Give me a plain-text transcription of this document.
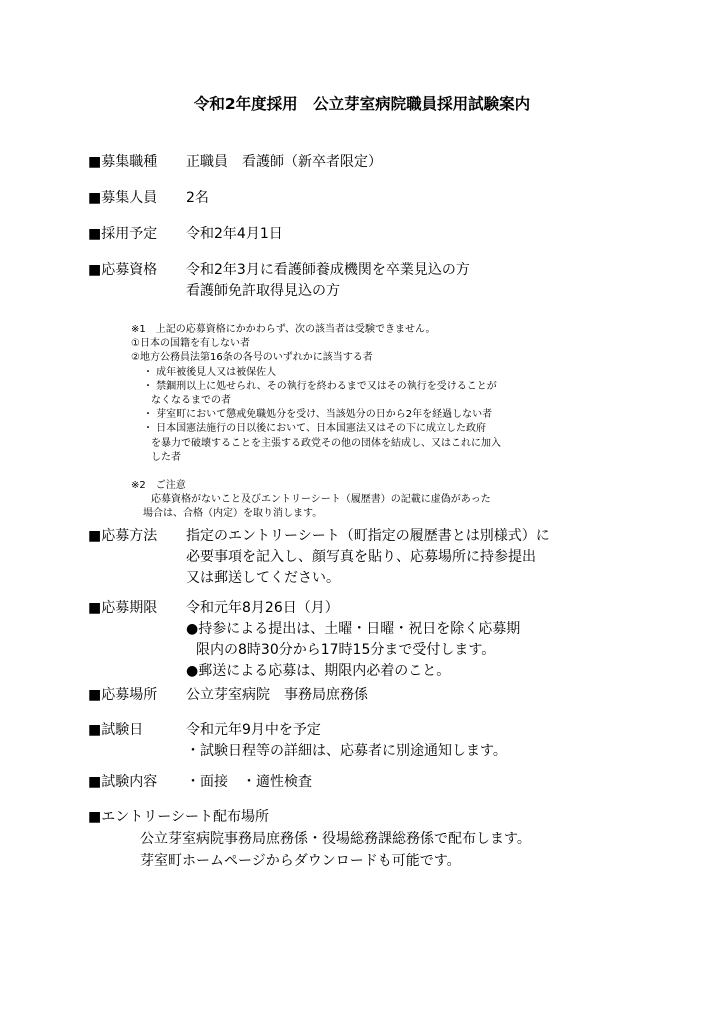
令和2年度採用　公立芽室病院職員採用試験案内
■募集職種 正職員　看護師（新卒者限定）
■募集人員 2名
■採用予定 令和2年4月1日
■応募資格 令和2年3月に看護師養成機関を卒業見込の方
看護師免許取得見込の方
※1　上記の応募資格にかかわらず、次の該当者は受験できません。
①日本の国籍を有しない者
②地方公務員法第16条の各号のいずれかに該当する者
・ 成年被後見人又は被保佐人
・ 禁錮刑以上に処せられ、その執行を終わるまで又はその執行を受けることが
なくなるまでの者
・ 芽室町において懲戒免職処分を受け、当該処分の日から2年を経過しない者
・ 日本国憲法施行の日以後において、日本国憲法又はその下に成立した政府
を暴力で破壊することを主張する政党その他の団体を結成し、又はこれに加入
した者
※2　ご注意
応募資格がないこと及びエントリーシート（履歴書）の記載に虚偽があった
場合は、合格（内定）を取り消します。
■応募方法 指定のエントリーシート（町指定の履歴書とは別様式）に
必要事項を記入し、顔写真を貼り、応募場所に持参提出
又は郵送してください。
■応募期限 令和元年8月26日（月）
●持参による提出は、土曜・日曜・祝日を除く応募期
限内の8時30分から17時15分まで受付します。
●郵送による応募は、期限内必着のこと。
■応募場所 公立芽室病院　事務局庶務係
■試験日	令和元年9月中を予定
・試験日程等の詳細は、応募者に別途通知します。
■試験内容 ・面接　・適性検査
■エントリーシート配布場所
公立芽室病院事務局庶務係・役場総務課総務係で配布します。
芽室町ホームページからダウンロードも可能です。
